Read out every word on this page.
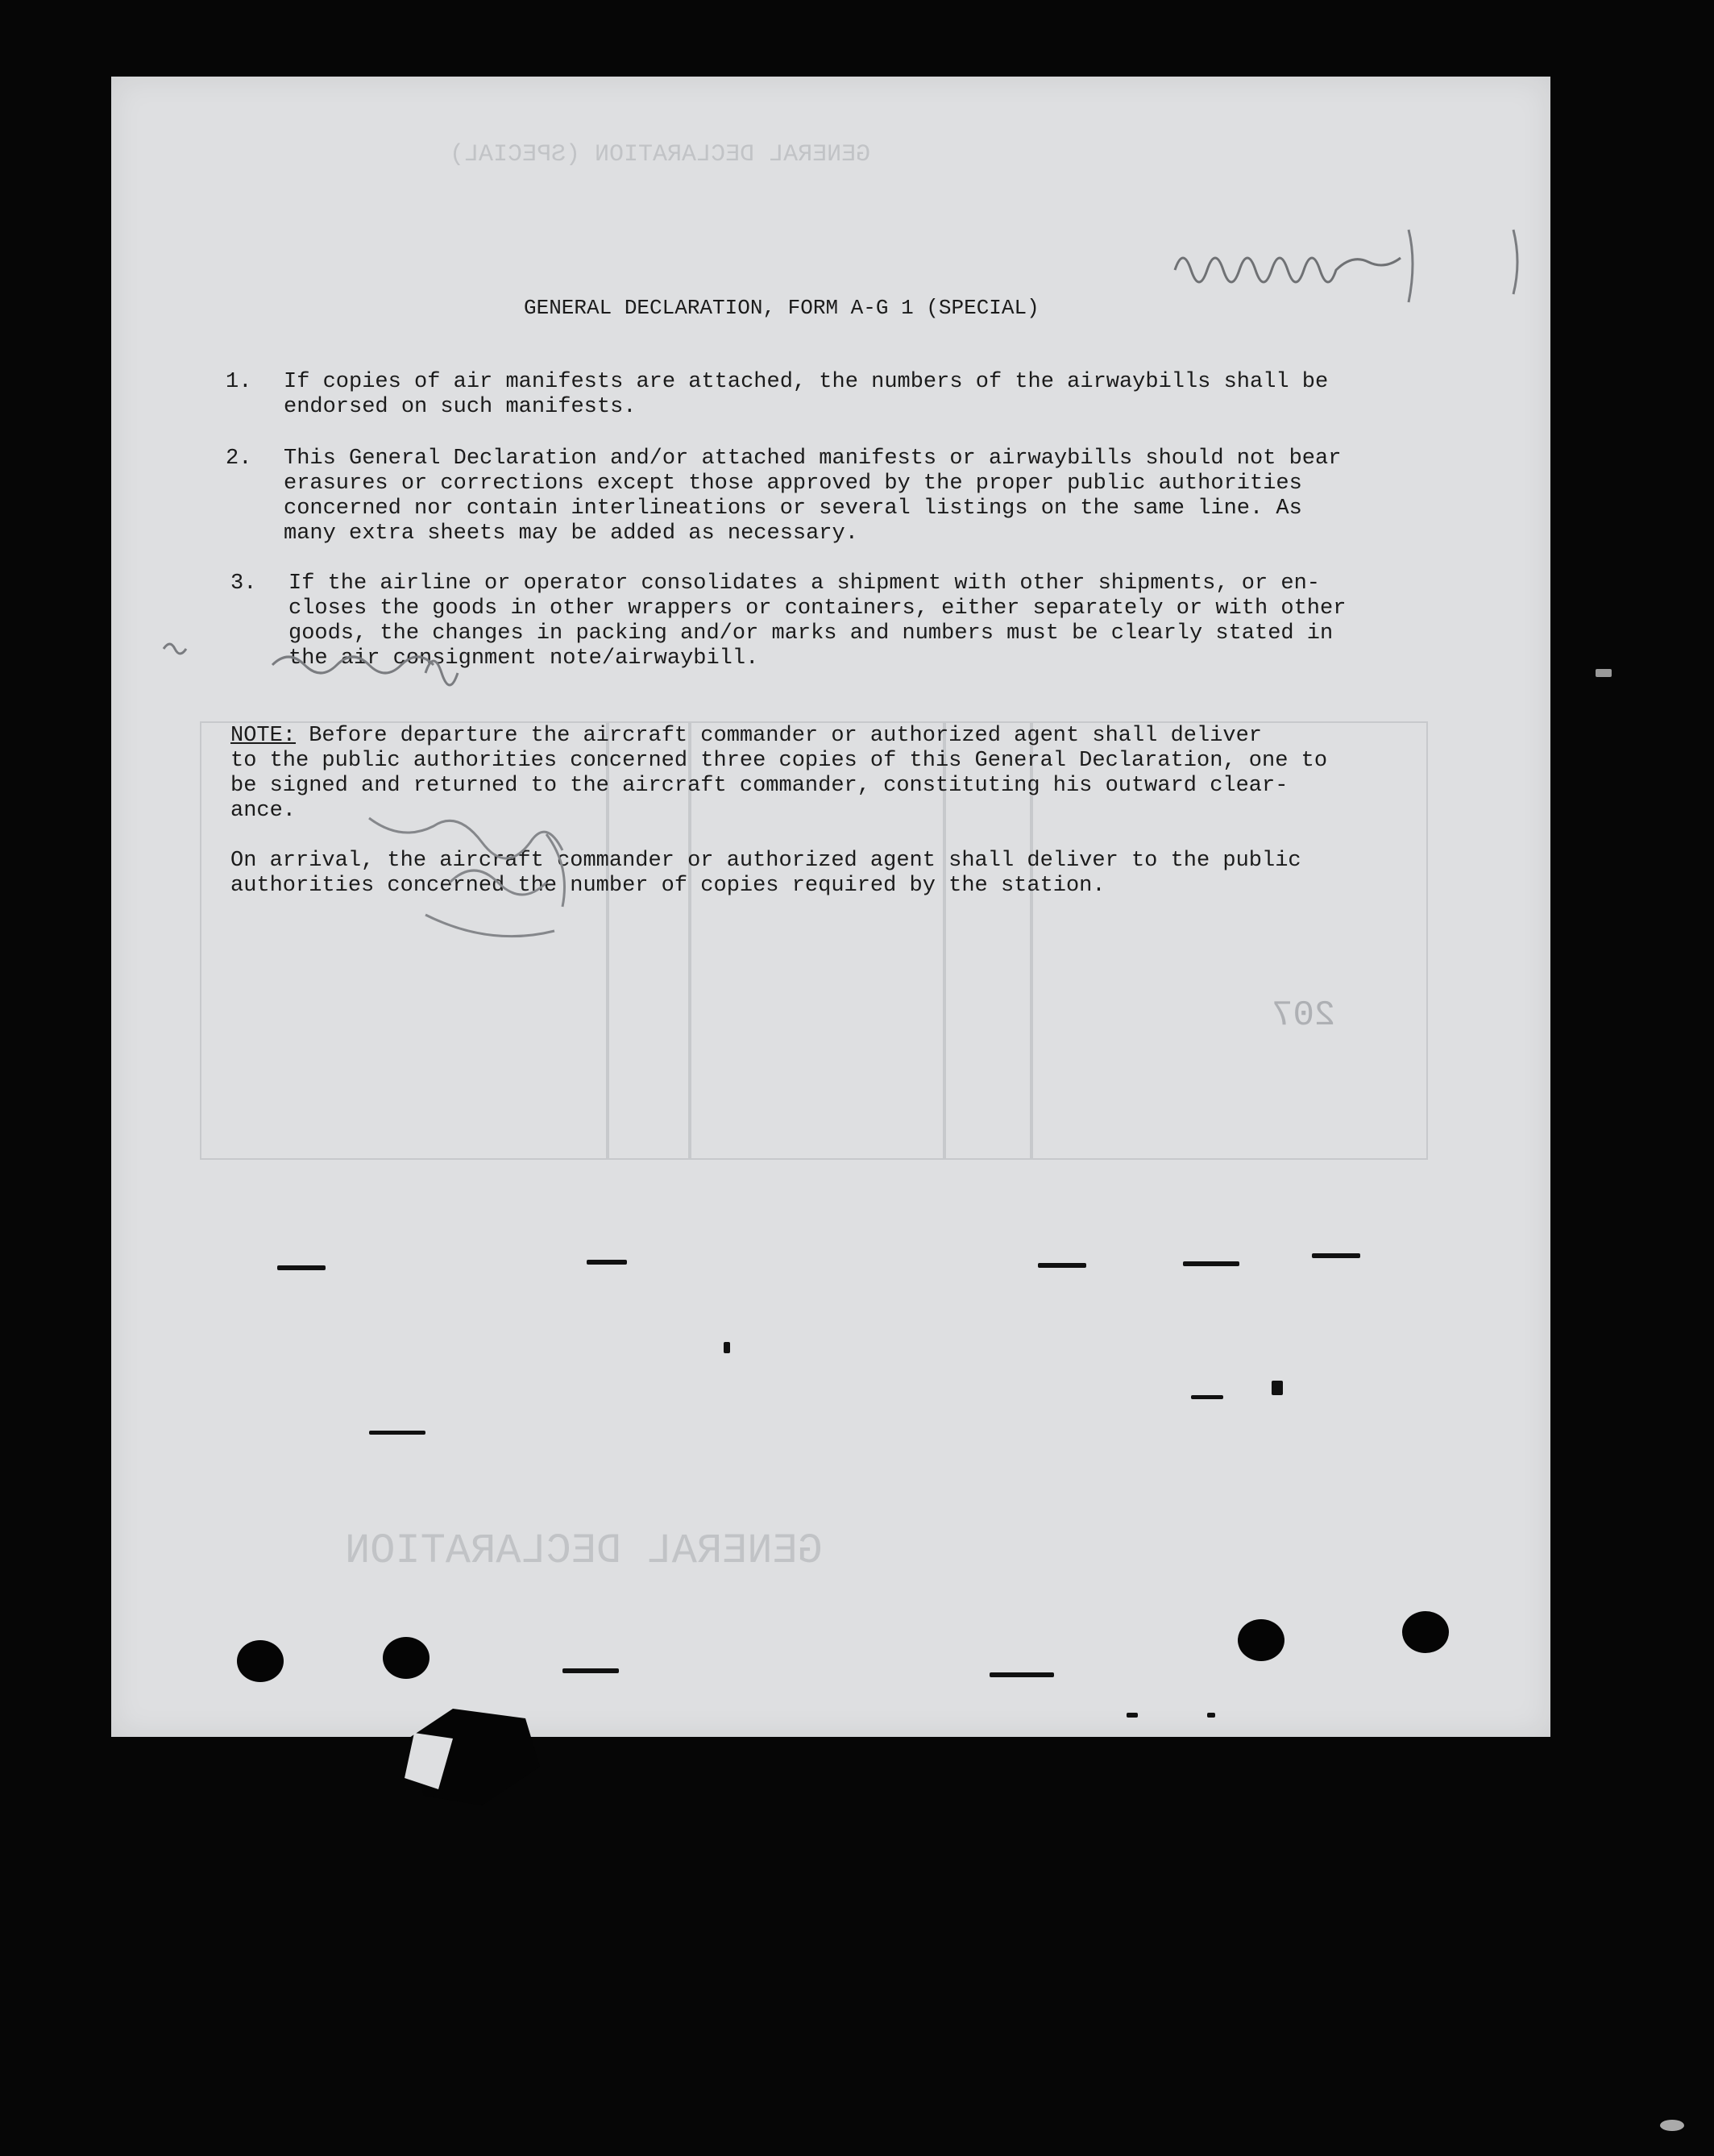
GENERAL DECLARATION (SPECIAL)
GENERAL DECLARATION
207
GENERAL DECLARATION, FORM A-G 1 (SPECIAL)
1. If copies of air manifests are attached, the numbers of the airwaybills shall be
endorsed on such manifests.
2. This General Declaration and/or attached manifests or airwaybills should not bear
erasures or corrections except those approved by the proper public authorities
concerned nor contain interlineations or several listings on the same line. As
many extra sheets may be added as necessary.
3. If the airline or operator consolidates a shipment with other shipments, or en-
closes the goods in other wrappers or containers, either separately or with other
goods, the changes in packing and/or marks and numbers must be clearly stated in
the air consignment note/airwaybill.
NOTE: Before departure the aircraft commander or authorized agent shall deliver
to the public authorities concerned three copies of this General Declaration, one to
be signed and returned to the aircraft commander, constituting his outward clear-
ance.
On arrival, the aircraft commander or authorized agent shall deliver to the public
authorities concerned the number of copies required by the station.
